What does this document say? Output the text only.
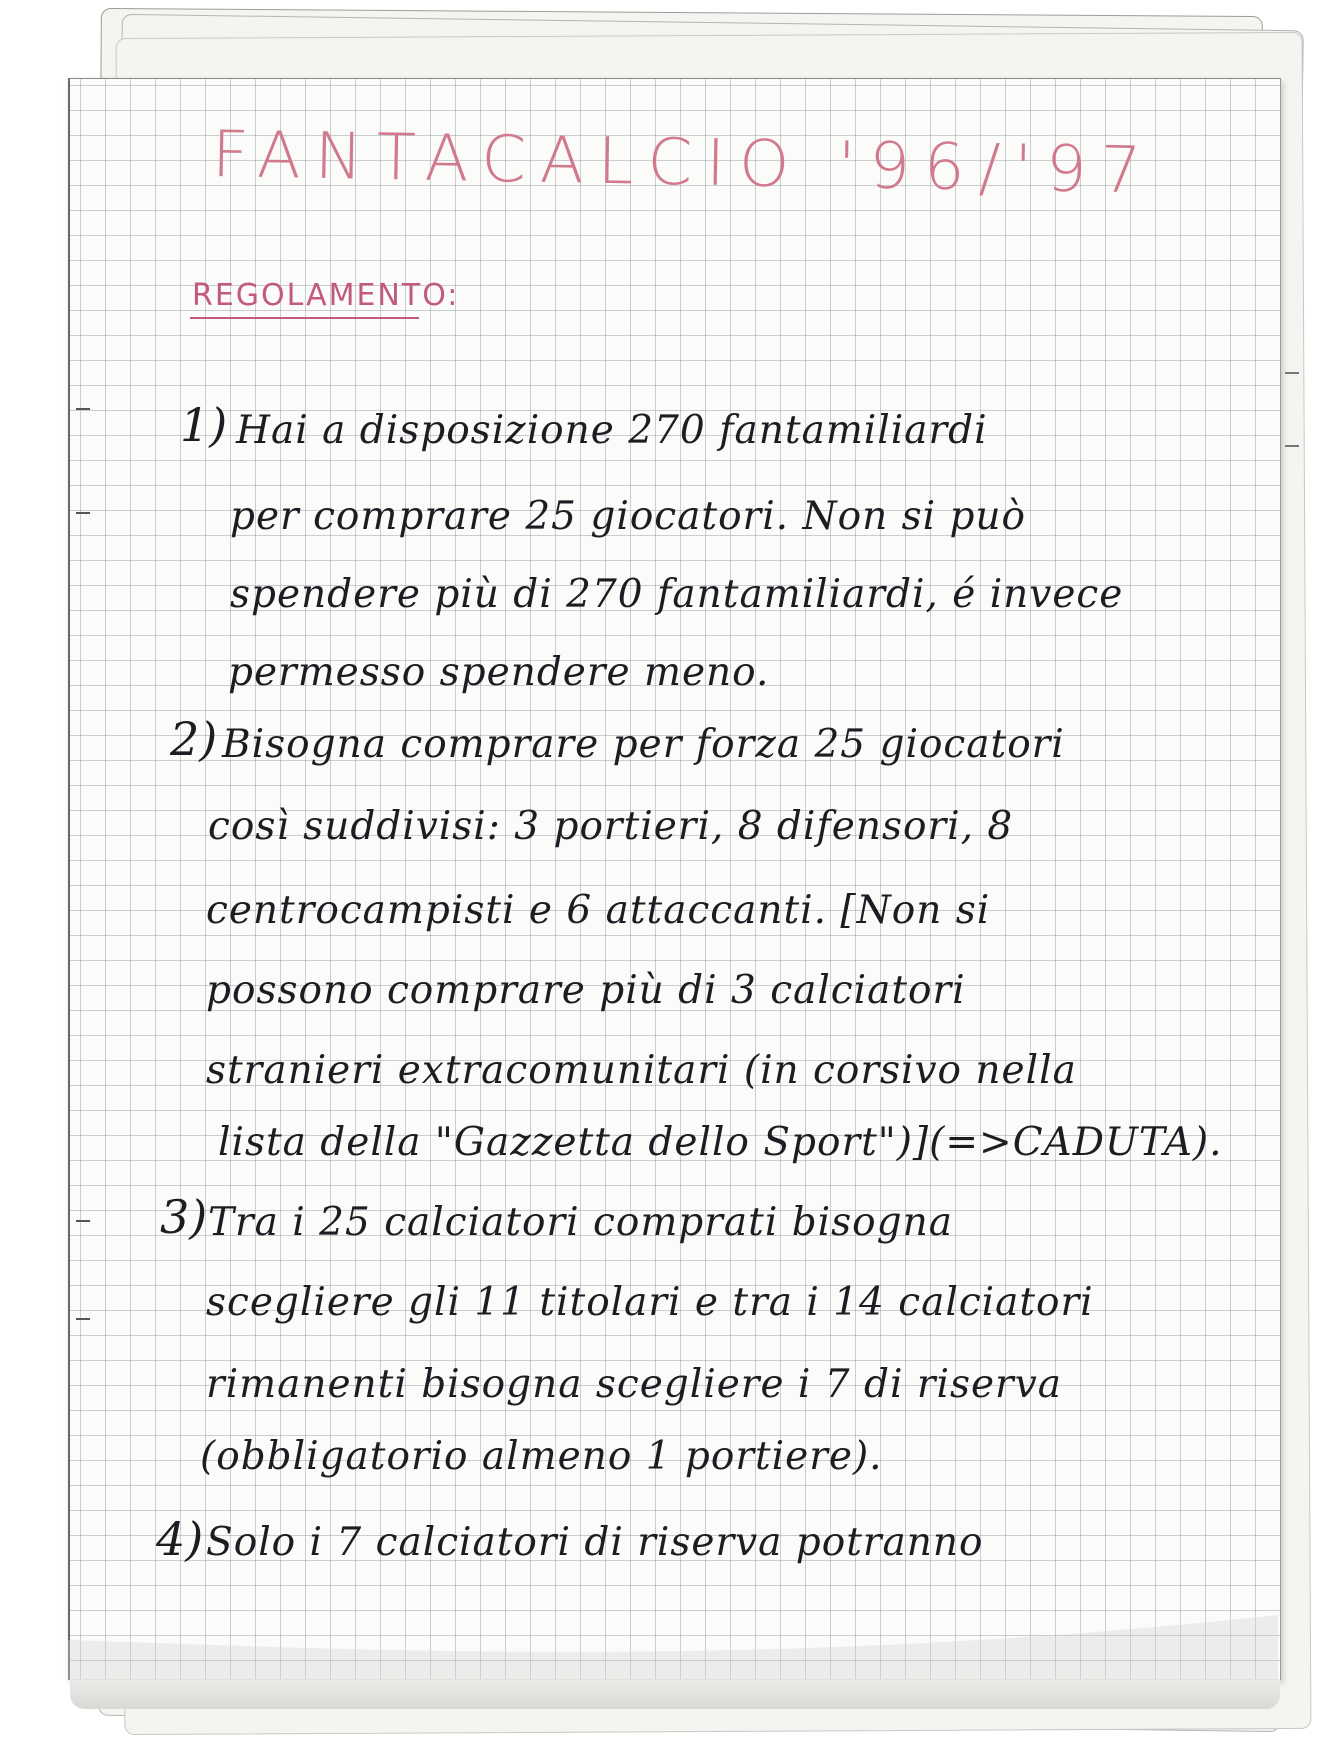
FANTACALCIO '96/'97
REGOLAMENTO:
1) Hai a disposizione 270 fantamiliardi
per comprare 25 giocatori. Non si può
spendere più di 270 fantamiliardi, é invece
permesso spendere meno.
2) Bisogna comprare per forza 25 giocatori
così suddivisi: 3 portieri, 8 difensori, 8
centrocampisti e 6 attaccanti. [Non si
possono comprare più di 3 calciatori
stranieri extracomunitari (in corsivo nella
lista della "Gazzetta dello Sport")](=>CADUTA).
3) Tra i 25 calciatori comprati bisogna
scegliere gli 11 titolari e tra i 14 calciatori
rimanenti bisogna scegliere i 7 di riserva
(obbligatorio almeno 1 portiere).
4) Solo i 7 calciatori di riserva potranno
